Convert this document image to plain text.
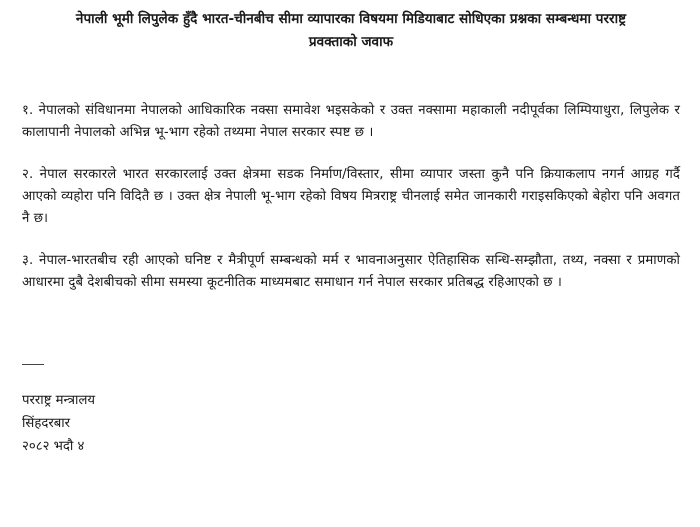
नेपाली भूमी लिपुलेक हुँदै भारत-चीनबीच सीमा व्यापारका विषयमा मिडियाबाट सोधिएका प्रश्नका सम्बन्धमा परराष्ट्र
प्रवक्ताको जवाफ

१. नेपालको संविधानमा नेपालको आधिकारिक नक्सा समावेश भइसकेको र उक्त नक्सामा महाकाली नदीपूर्वका लिम्पियाधुरा, लिपुलेक र कालापानी नेपालको अभिन्न भू-भाग रहेको तथ्यमा नेपाल सरकार स्पष्ट छ ।

२. नेपाल सरकारले भारत सरकारलाई उक्त क्षेत्रमा सडक निर्माण/विस्तार, सीमा व्यापार जस्ता कुनै पनि क्रियाकलाप नगर्न आग्रह गर्दै आएको व्यहोरा पनि विदितै छ । उक्त क्षेत्र नेपाली भू-भाग रहेको विषय मित्रराष्ट्र चीनलाई समेत जानकारी गराइसकिएको बेहोरा पनि अवगत नै छ।

३. नेपाल-भारतबीच रही आएको घनिष्ट र मैत्रीपूर्ण सम्बन्धको मर्म र भावनाअनुसार ऐतिहासिक सन्धि-सम्झौता, तथ्य, नक्सा र प्रमाणको आधारमा दुबै देशबीचको सीमा समस्या कूटनीतिक माध्यमबाट समाधान गर्न नेपाल सरकार प्रतिबद्ध रहिआएको छ ।

परराष्ट्र मन्त्रालय
सिंहदरबार
२०८२ भदौ ४
